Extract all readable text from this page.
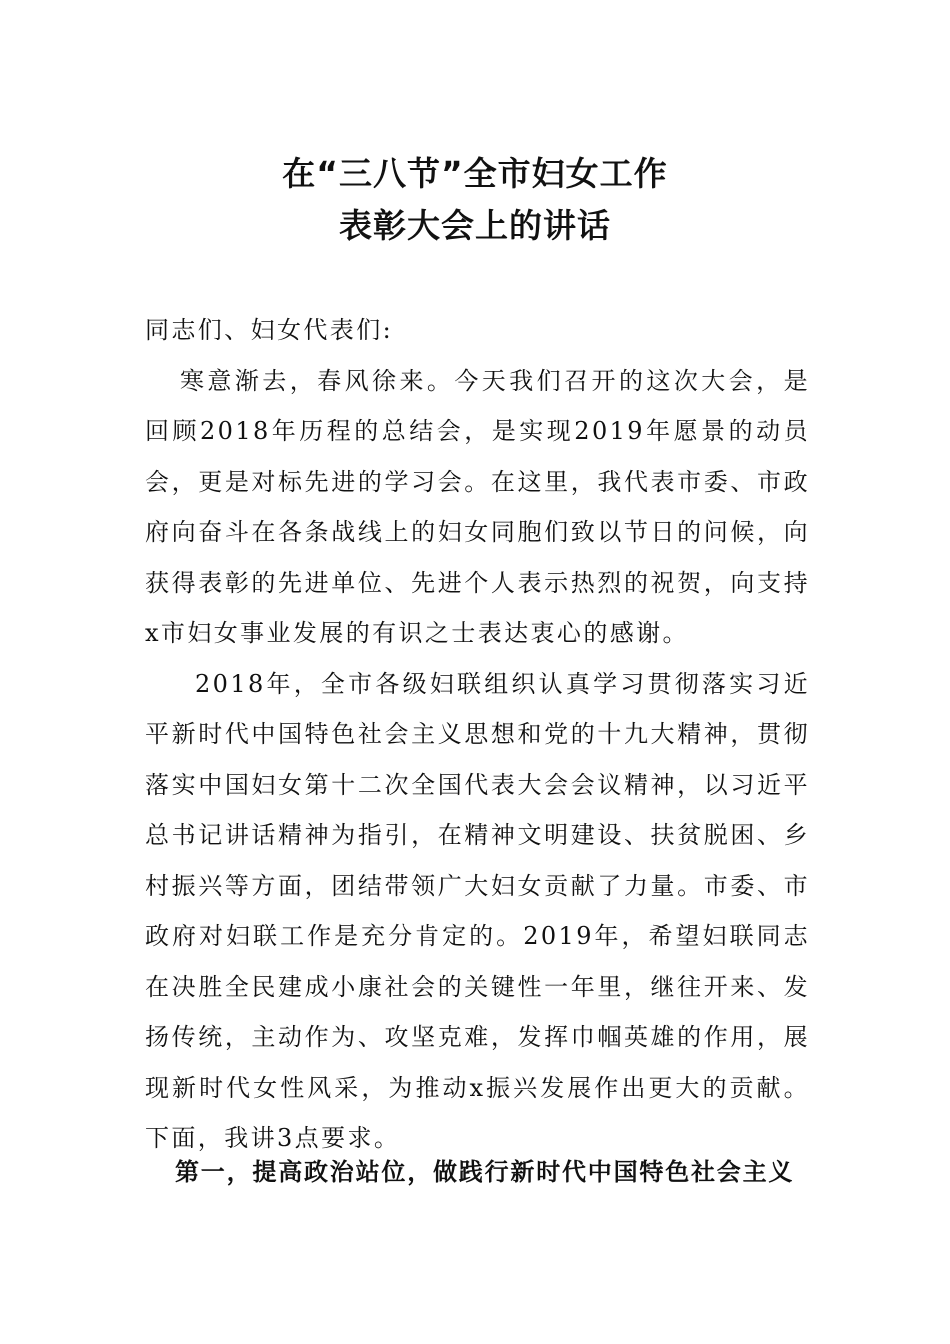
在“三八节”全市妇女工作
表彰大会上的讲话

同志们、妇女代表们:

寒意渐去，春风徐来。今天我们召开的这次大会，是回顾2018年历程的总结会，是实现2019年愿景的动员会，更是对标先进的学习会。在这里，我代表市委、市政府向奋斗在各条战线上的妇女同胞们致以节日的问候，向获得表彰的先进单位、先进个人表示热烈的祝贺，向支持x市妇女事业发展的有识之士表达衷心的感谢。

2018年，全市各级妇联组织认真学习贯彻落实习近平新时代中国特色社会主义思想和党的十九大精神，贯彻落实中国妇女第十二次全国代表大会会议精神，以习近平总书记讲话精神为指引，在精神文明建设、扶贫脱困、乡村振兴等方面，团结带领广大妇女贡献了力量。市委、市政府对妇联工作是充分肯定的。2019年，希望妇联同志在决胜全民建成小康社会的关键性一年里，继往开来、发扬传统，主动作为、攻坚克难，发挥巾帼英雄的作用，展现新时代女性风采，为推动x振兴发展作出更大的贡献。下面，我讲3点要求。

第一，提高政治站位，做践行新时代中国特色社会主义
